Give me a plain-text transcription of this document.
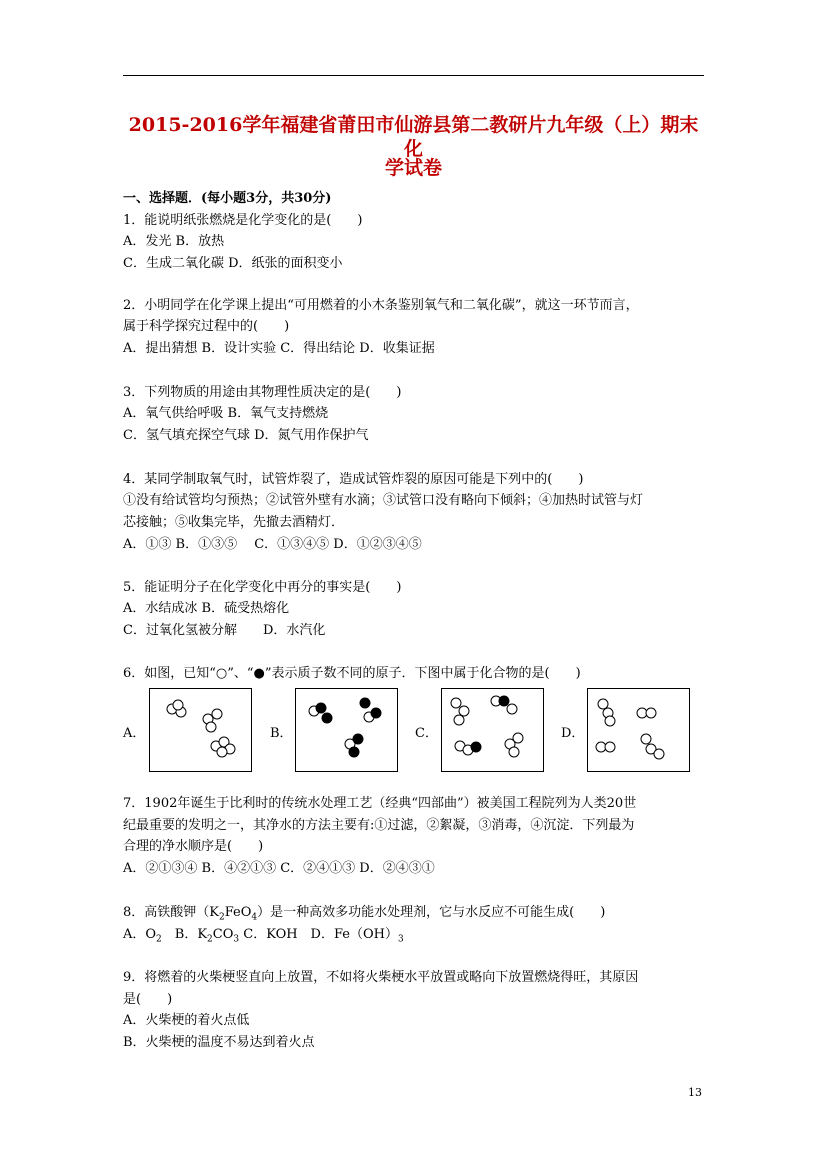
2015-2016学年福建省莆田市仙游县第二教研片九年级（上）期末化
学试卷
一、选择题．(每小题3分，共30分)
1．能说明纸张燃烧是化学变化的是(　　)
A．发光 B．放热
C．生成二氧化碳 D．纸张的面积变小
2．小明同学在化学课上提出“可用燃着的小木条鉴别氧气和二氧化碳”，就这一环节而言，
属于科学探究过程中的(　　)
A．提出猜想 B．设计实验 C．得出结论 D．收集证据
3．下列物质的用途由其物理性质决定的是(　　)
A．氧气供给呼吸 B．氧气支持燃烧
C．氢气填充探空气球 D．氮气用作保护气
4．某同学制取氧气时，试管炸裂了，造成试管炸裂的原因可能是下列中的(　　)
①没有给试管均匀预热；②试管外壁有水滴；③试管口没有略向下倾斜；④加热时试管与灯
芯接触；⑤收集完毕，先撤去酒精灯．
A．①③ B．①③⑤　 C．①③④⑤ D．①②③④⑤
5．能证明分子在化学变化中再分的事实是(　　)
A．水结成冰 B．硫受热熔化
C．过氧化氢被分解　　D．水汽化
6．如图，已知“○”、“●”表示质子数不同的原子．下图中属于化合物的是(　　)
A．	B．	C．	D．
7．1902年诞生于比利时的传统水处理工艺（经典“四部曲”）被美国工程院列为人类20世
纪最重要的发明之一，其净水的方法主要有:①过滤，②絮凝，③消毒，④沉淀．下列最为
合理的净水顺序是(　　)
A．②①③④ B．④②①③ C．②④①③ D．②④③①
8．高铁酸钾$(K_2FeO_4)$是一种高效多功能水处理剂，它与水反应不可能生成(　　)
A．$O_2$　B．$K_2CO_3$ C．KOH　D．$Fe(OH)_3$
9．将燃着的火柴梗竖直向上放置，不如将火柴梗水平放置或略向下放置燃烧得旺，其原因
是(　　)
A．火柴梗的着火点低
B．火柴梗的温度不易达到着火点
13
